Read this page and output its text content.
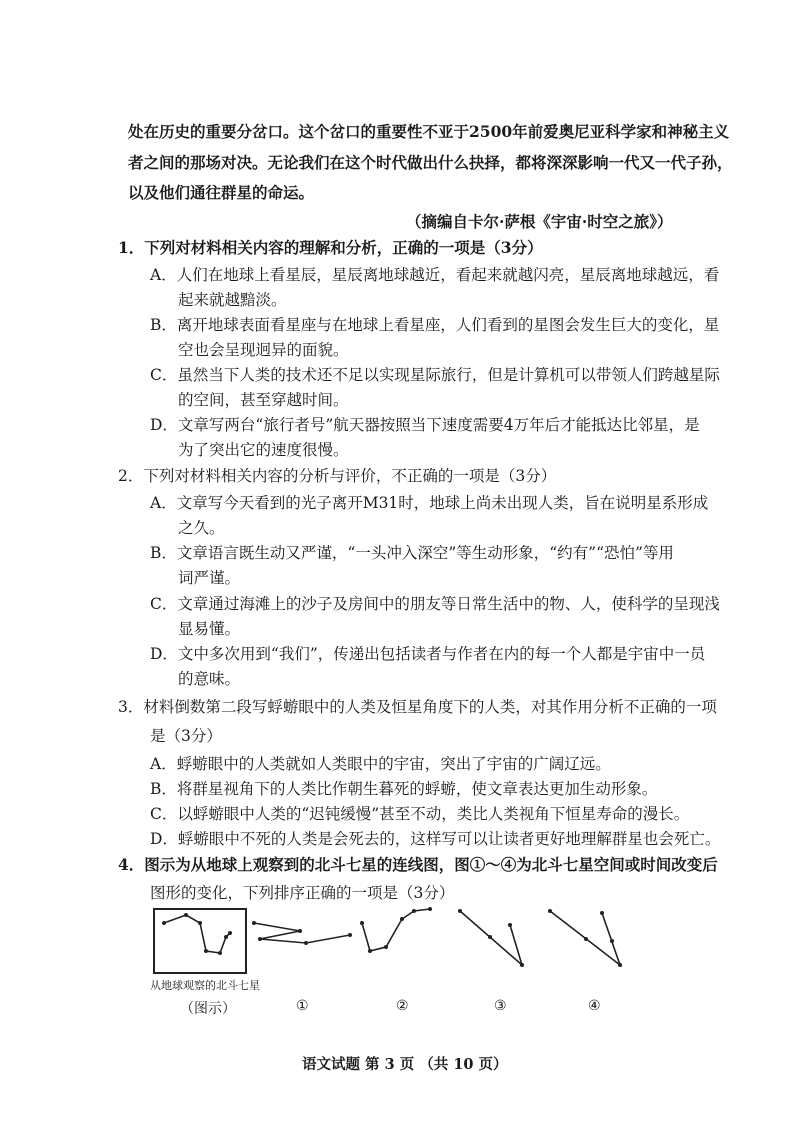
处在历史的重要分岔口。这个岔口的重要性不亚于2500年前爱奥尼亚科学家和神秘主义
者之间的那场对决。无论我们在这个时代做出什么抉择，都将深深影响一代又一代子孙，
以及他们通往群星的命运。
（摘编自卡尔·萨根《宇宙·时空之旅》）
1．下列对材料相关内容的理解和分析，正确的一项是（3分）
A．人们在地球上看星辰，星辰离地球越近，看起来就越闪亮，星辰离地球越远，看
起来就越黯淡。
B．离开地球表面看星座与在地球上看星座，人们看到的星图会发生巨大的变化，星
空也会呈现迥异的面貌。
C．虽然当下人类的技术还不足以实现星际旅行，但是计算机可以带领人们跨越星际
的空间，甚至穿越时间。
D．文章写两台“旅行者号”航天器按照当下速度需要4万年后才能抵达比邻星，是
为了突出它的速度很慢。
2．下列对材料相关内容的分析与评价，不正确的一项是（3分）
A．文章写今天看到的光子离开M31时，地球上尚未出现人类，旨在说明星系形成
之久。
B．文章语言既生动又严谨，“一头冲入深空”等生动形象，“约有”“恐怕”等用
词严谨。
C．文章通过海滩上的沙子及房间中的朋友等日常生活中的物、人，使科学的呈现浅
显易懂。
D．文中多次用到“我们”，传递出包括读者与作者在内的每一个人都是宇宙中一员
的意味。
3．材料倒数第二段写蜉蝣眼中的人类及恒星角度下的人类，对其作用分析不正确的一项
是（3分）
A．蜉蝣眼中的人类就如人类眼中的宇宙，突出了宇宙的广阔辽远。
B．将群星视角下的人类比作朝生暮死的蜉蝣，使文章表达更加生动形象。
C．以蜉蝣眼中人类的“迟钝缓慢”甚至不动，类比人类视角下恒星寿命的漫长。
D．蜉蝣眼中不死的人类是会死去的，这样写可以让读者更好地理解群星也会死亡。
4．图示为从地球上观察到的北斗七星的连线图，图①～④为北斗七星空间或时间改变后
图形的变化，下列排序正确的一项是（3分）
从地球观察的北斗七星
（图示）	①	②	③	④
语文试题 第 3 页 （共 10 页）
